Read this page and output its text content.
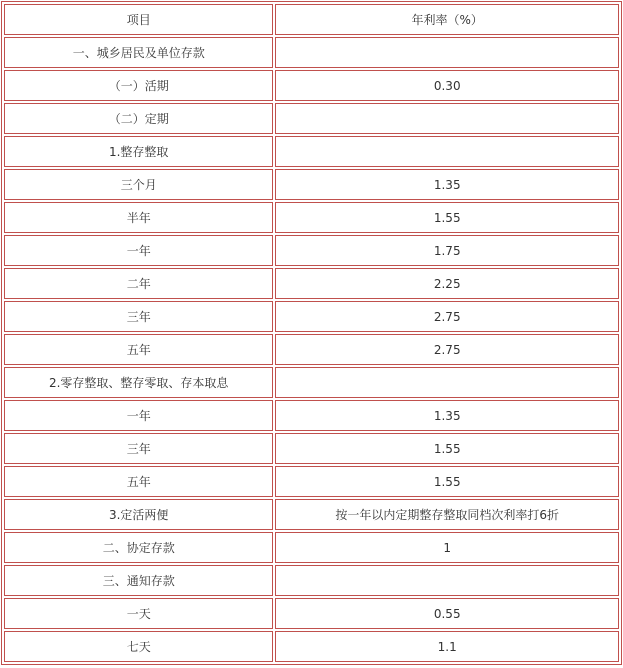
项目	年利率（%）
一、城乡居民及单位存款	
（一）活期	0.30
（二）定期	
1.整存整取	
三个月	1.35
半年	1.55
一年	1.75
二年	2.25
三年	2.75
五年	2.75
2.零存整取、整存零取、存本取息	
一年	1.35
三年	1.55
五年	1.55
3.定活两便	按一年以内定期整存整取同档次利率打6折
二、协定存款	1
三、通知存款	
一天	0.55
七天	1.1
